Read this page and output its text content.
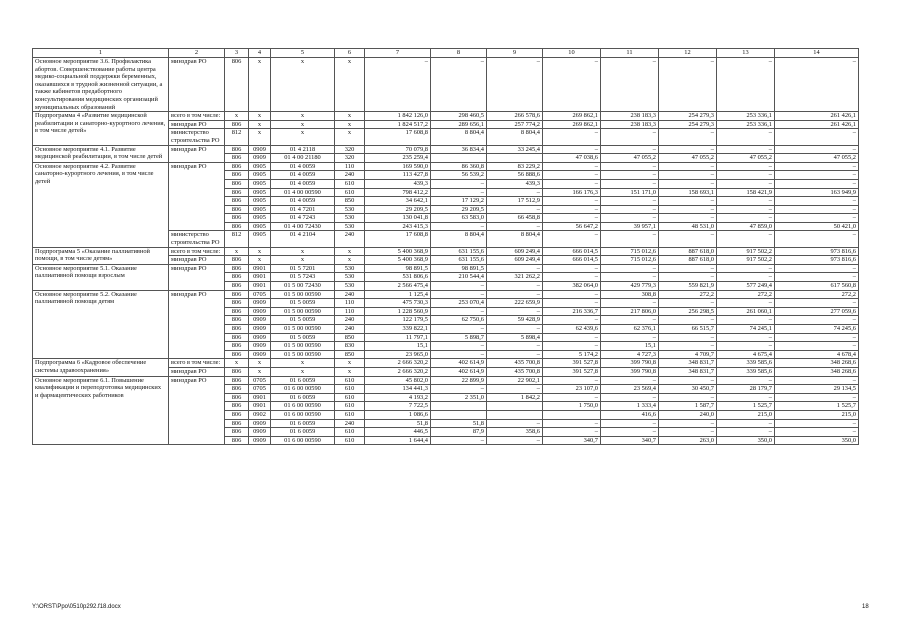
1	2	3	4	5	6	7	8	9	10	11	12	13	14
Основное мероприятие 3.6. Профилактика абортов. Совершенствование работы центра медико-социальной поддержки беременных, оказавшихся в трудной жизненной ситуации, а также кабинетов предабортного консультирования медицинских организаций муниципальных образований	минздрав РО	806	x	x	x	–	–	–	–	–	–	–	–
Подпрограмма 4 «Развитие медицинской реабилитации и санаторно-курортного лечения, в том числе детей»	всего в том числе:	x	x	x	x	1 842 126,0	298 460,5	266 578,6	269 862,1	238 183,3	254 279,3	253 336,1	261 426,1
	минздрав РО	806	x	x	x	1 824 517,2	289 656,1	257 774,2	269 862,1	238 183,3	254 279,3	253 336,1	261 426,1
	министерство строительства РО	812	x	x	x	17 608,8	8 804,4	8 804,4	–	–	–	–	–
Основное мероприятие 4.1. Развитие медицинской реабилитации, в том числе детей	минздрав РО	806	0909	01 4 2118	320	70 079,8	36 834,4	33 245,4	–	–	–	–	–
		806	0909	01 4 00 21180	320	235 259,4			47 038,6	47 055,2	47 055,2	47 055,2	47 055,2
Основное мероприятие 4.2. Развитие санаторно-курортного лечения, в том числе детей	минздрав РО	806	0905	01 4 0059	110	169 590,0	86 360,8	83 229,2	–	–	–	–	–
		806	0905	01 4 0059	240	113 427,8	56 539,2	56 888,6	–	–	–	–	–
		806	0905	01 4 0059	610	439,3	–	439,3	–	–	–	–	–
		806	0905	01 4 00 00590	610	798 412,2	–	–	166 176,3	151 171,0	158 693,1	158 421,9	163 949,9
		806	0905	01 4 0059	850	34 642,1	17 129,2	17 512,9	–	–	–	–	–
		806	0905	01 4 7201	530	29 209,5	29 209,5	–	–	–	–	–	–
		806	0905	01 4 7243	530	130 041,8	63 583,0	66 458,8	–	–	–	–	–
		806	0905	01 4 00 72430	530	243 415,3	–	–	56 647,2	39 957,1	48 531,0	47 859,0	50 421,0
	министерство строительства РО	812	0905	01 4 2104	240	17 608,8	8 804,4	8 804,4	–	–	–	–	–
Подпрограмма 5 «Оказание паллиативной помощи, в том числе детям»	всего в том числе:	x	x	x	x	5 400 368,9	631 155,6	609 249,4	666 014,5	715 012,6	887 618,0	917 502,2	973 816,6
	минздрав РО	806	x	x	x	5 400 368,9	631 155,6	609 249,4	666 014,5	715 012,6	887 618,0	917 502,2	973 816,6
Основное мероприятие 5.1. Оказание паллиативной помощи взрослым	минздрав РО	806	0901	01 5 7201	530	98 891,5	98 891,5	–	–	–	–	–	–
		806	0901	01 5 7243	530	531 806,6	210 544,4	321 262,2	–	–	–	–	–
		806	0901	01 5 00 72430	530	2 566 475,4	–	–	382 064,0	429 779,3	559 821,9	577 249,4	617 560,8
Основное мероприятие 5.2. Оказание паллиативной помощи детям	минздрав РО	806	0705	01 5 00 00590	240	1 125,4	–	–	–	308,8	272,2	272,2	272,2
		806	0909	01 5 0059	110	475 730,3	253 070,4	222 659,9	–	–	–	–	–
		806	0909	01 5 00 00590	110	1 228 560,9	–	–	216 336,7	217 806,0	256 298,5	261 060,1	277 059,6
		806	0909	01 5 0059	240	122 179,5	62 750,6	59 428,9	–	–	–	–	–
		806	0909	01 5 00 00590	240	339 822,1	–	–	62 439,6	62 376,1	66 515,7	74 245,1	74 245,6
		806	0909	01 5 0059	850	11 797,1	5 898,7	5 898,4	–	–	–	–	–
		806	0909	01 5 00 00590	830	15,1	–	–	–	15,1	–	–	–
		806	0909	01 5 00 00590	850	23 965,0	–	–	5 174,2	4 727,3	4 709,7	4 675,4	4 678,4
Подпрограмма 6 «Кадровое обеспечение системы здравоохранения»	всего в том числе:	x	x	x	x	2 666 320,2	402 614,9	435 700,8	391 527,8	399 790,8	348 831,7	339 585,6	348 268,6
	минздрав РО	806	x	x	x	2 666 320,2	402 614,9	435 700,8	391 527,8	399 790,8	348 831,7	339 585,6	348 268,6
Основное мероприятие 6.1. Повышение квалификации и переподготовка медицинских и фармацевтических работников	минздрав РО	806	0705	01 6 0059	610	45 802,0	22 899,9	22 902,1	–	–	–	–	–
		806	0705	01 6 00 00590	610	134 441,3	–	–	23 107,0	23 569,4	30 450,7	28 179,7	29 134,5
		806	0901	01 6 0059	610	4 193,2	2 351,0	1 842,2	–	–	–	–	–
		806	0901	01 6 00 00590	610	7 722,5			1 750,0	1 333,4	1 587,7	1 525,7	1 525,7
		806	0902	01 6 00 00590	610	1 086,6				416,6	240,0	215,0	215,0
		806	0909	01 6 0059	240	51,8	51,8	–	–	–	–	–	–
		806	0909	01 6 0059	610	446,5	87,9	358,6	–	–	–	–	–
		806	0909	01 6 00 00590	610	1 644,4	–	–	340,7	340,7	263,0	350,0	350,0
Y:\ORST\Ppo\0510p292.f18.docx	18
